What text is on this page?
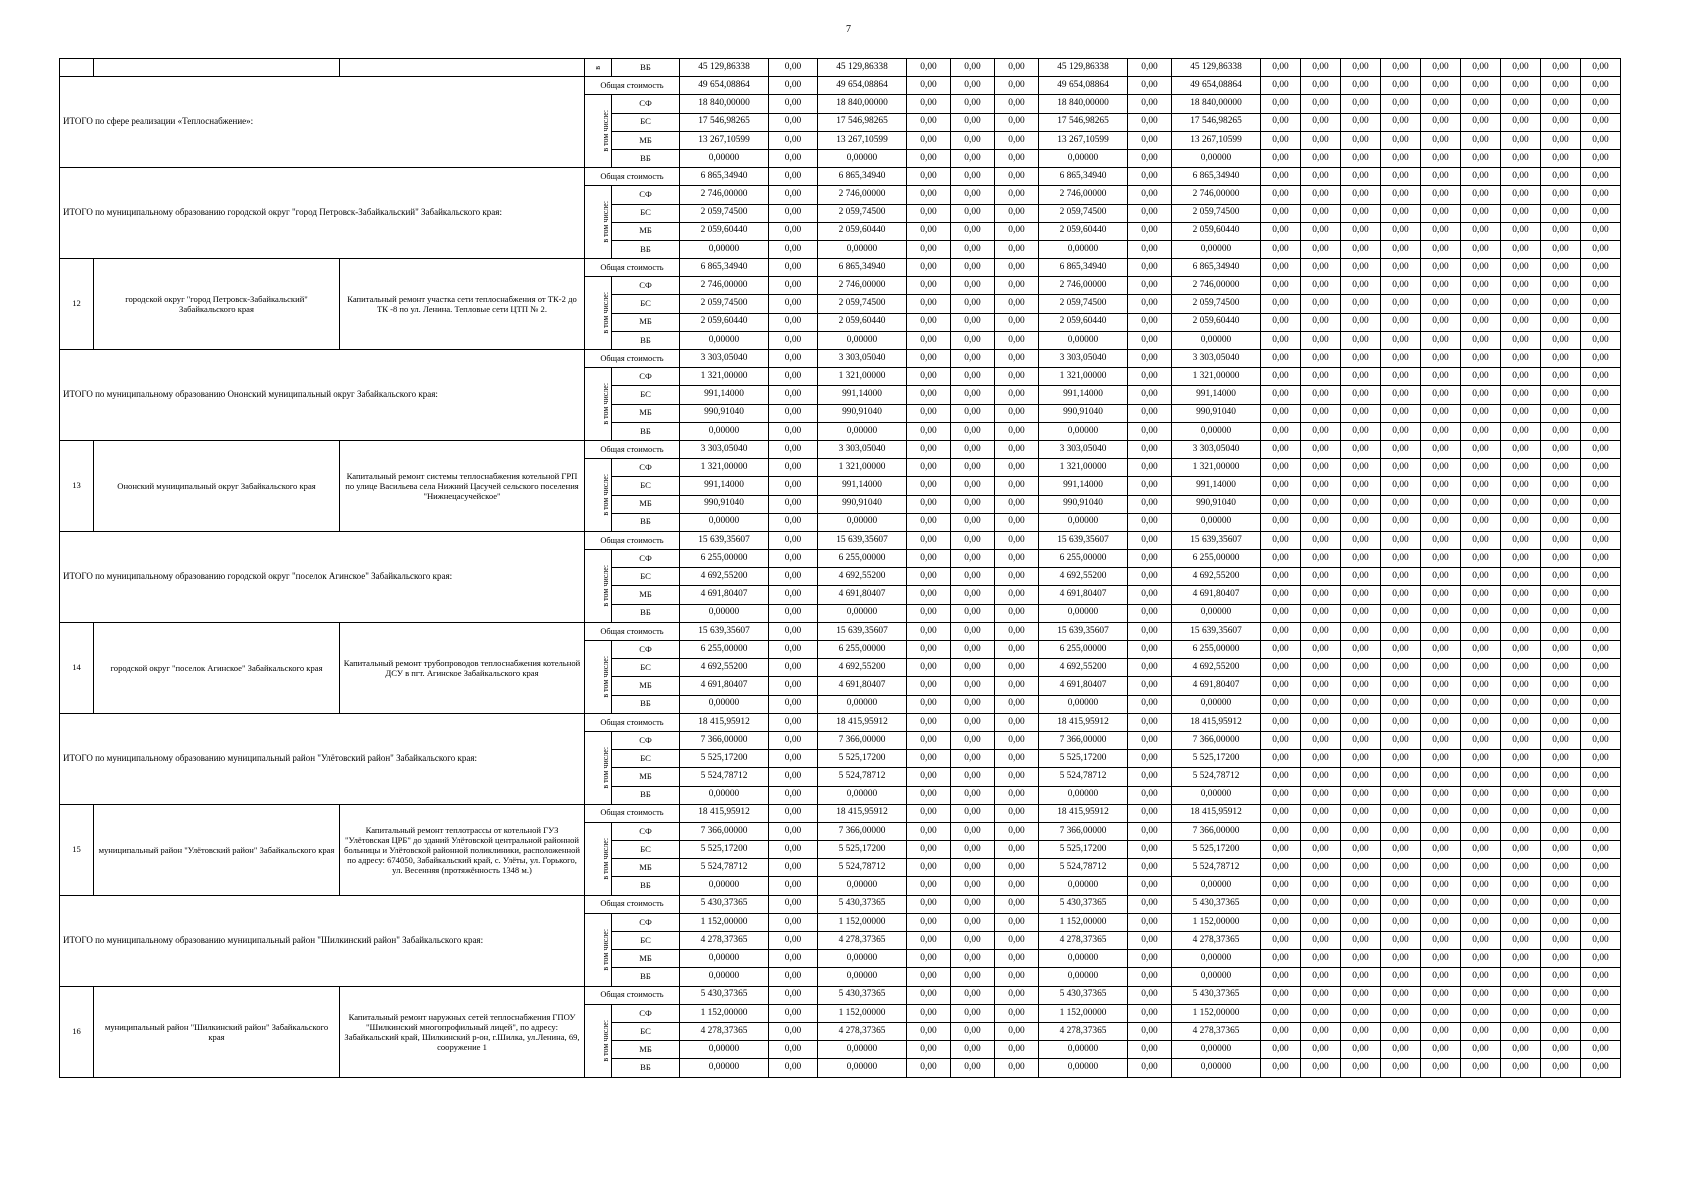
7
			в	ВБ	45 129,86338	0,00	45 129,86338	0,00	0,00	0,00	45 129,86338	0,00	45 129,86338	0,00	0,00	0,00	0,00	0,00	0,00	0,00	0,00	0,00
ИТОГО по сфере реализации «Теплоснабжение»:			Общая стоимость		49 654,08864	0,00	49 654,08864	0,00	0,00	0,00	49 654,08864	0,00	49 654,08864	0,00	0,00	0,00	0,00	0,00	0,00	0,00	0,00	0,00
			в том числе:	СФ	18 840,00000	0,00	18 840,00000	0,00	0,00	0,00	18 840,00000	0,00	18 840,00000	0,00	0,00	0,00	0,00	0,00	0,00	0,00	0,00	0,00
				БС	17 546,98265	0,00	17 546,98265	0,00	0,00	0,00	17 546,98265	0,00	17 546,98265	0,00	0,00	0,00	0,00	0,00	0,00	0,00	0,00	0,00
				МБ	13 267,10599	0,00	13 267,10599	0,00	0,00	0,00	13 267,10599	0,00	13 267,10599	0,00	0,00	0,00	0,00	0,00	0,00	0,00	0,00	0,00
				ВБ	0,00000	0,00	0,00000	0,00	0,00	0,00	0,00000	0,00	0,00000	0,00	0,00	0,00	0,00	0,00	0,00	0,00	0,00	0,00
ИТОГО по муниципальному образованию городской округ "город Петровск-Забайкальский" Забайкальского края:			Общая стоимость		6 865,34940	0,00	6 865,34940	0,00	0,00	0,00	6 865,34940	0,00	6 865,34940	0,00	0,00	0,00	0,00	0,00	0,00	0,00	0,00	0,00
			в том числе:	СФ	2 746,00000	0,00	2 746,00000	0,00	0,00	0,00	2 746,00000	0,00	2 746,00000	0,00	0,00	0,00	0,00	0,00	0,00	0,00	0,00	0,00
				БС	2 059,74500	0,00	2 059,74500	0,00	0,00	0,00	2 059,74500	0,00	2 059,74500	0,00	0,00	0,00	0,00	0,00	0,00	0,00	0,00	0,00
				МБ	2 059,60440	0,00	2 059,60440	0,00	0,00	0,00	2 059,60440	0,00	2 059,60440	0,00	0,00	0,00	0,00	0,00	0,00	0,00	0,00	0,00
				ВБ	0,00000	0,00	0,00000	0,00	0,00	0,00	0,00000	0,00	0,00000	0,00	0,00	0,00	0,00	0,00	0,00	0,00	0,00	0,00
12	городской округ "город Петровск-Забайкальский" Забайкальского края	Капитальный ремонт участка сети теплоснабжения от ТК-2 до ТК -8 по ул. Ленина. Тепловые сети ЦТП № 2.	Общая стоимость		6 865,34940	0,00	6 865,34940	0,00	0,00	0,00	6 865,34940	0,00	6 865,34940	0,00	0,00	0,00	0,00	0,00	0,00	0,00	0,00	0,00
			в том числе:	СФ	2 746,00000	0,00	2 746,00000	0,00	0,00	0,00	2 746,00000	0,00	2 746,00000	0,00	0,00	0,00	0,00	0,00	0,00	0,00	0,00	0,00
				БС	2 059,74500	0,00	2 059,74500	0,00	0,00	0,00	2 059,74500	0,00	2 059,74500	0,00	0,00	0,00	0,00	0,00	0,00	0,00	0,00	0,00
				МБ	2 059,60440	0,00	2 059,60440	0,00	0,00	0,00	2 059,60440	0,00	2 059,60440	0,00	0,00	0,00	0,00	0,00	0,00	0,00	0,00	0,00
				ВБ	0,00000	0,00	0,00000	0,00	0,00	0,00	0,00000	0,00	0,00000	0,00	0,00	0,00	0,00	0,00	0,00	0,00	0,00	0,00
ИТОГО по муниципальному образованию Ононский муниципальный округ Забайкальского края:			Общая стоимость		3 303,05040	0,00	3 303,05040	0,00	0,00	0,00	3 303,05040	0,00	3 303,05040	0,00	0,00	0,00	0,00	0,00	0,00	0,00	0,00	0,00
			в том числе:	СФ	1 321,00000	0,00	1 321,00000	0,00	0,00	0,00	1 321,00000	0,00	1 321,00000	0,00	0,00	0,00	0,00	0,00	0,00	0,00	0,00	0,00
				БС	991,14000	0,00	991,14000	0,00	0,00	0,00	991,14000	0,00	991,14000	0,00	0,00	0,00	0,00	0,00	0,00	0,00	0,00	0,00
				МБ	990,91040	0,00	990,91040	0,00	0,00	0,00	990,91040	0,00	990,91040	0,00	0,00	0,00	0,00	0,00	0,00	0,00	0,00	0,00
				ВБ	0,00000	0,00	0,00000	0,00	0,00	0,00	0,00000	0,00	0,00000	0,00	0,00	0,00	0,00	0,00	0,00	0,00	0,00	0,00
13	Ононский муниципальный округ Забайкальского края	Капитальный ремонт системы теплоснабжения котельной ГРП по улице Васильева села Нижний Цасучей сельского поселения "Нижнецасучейское"	Общая стоимость		3 303,05040	0,00	3 303,05040	0,00	0,00	0,00	3 303,05040	0,00	3 303,05040	0,00	0,00	0,00	0,00	0,00	0,00	0,00	0,00	0,00
			в том числе:	СФ	1 321,00000	0,00	1 321,00000	0,00	0,00	0,00	1 321,00000	0,00	1 321,00000	0,00	0,00	0,00	0,00	0,00	0,00	0,00	0,00	0,00
				БС	991,14000	0,00	991,14000	0,00	0,00	0,00	991,14000	0,00	991,14000	0,00	0,00	0,00	0,00	0,00	0,00	0,00	0,00	0,00
				МБ	990,91040	0,00	990,91040	0,00	0,00	0,00	990,91040	0,00	990,91040	0,00	0,00	0,00	0,00	0,00	0,00	0,00	0,00	0,00
				ВБ	0,00000	0,00	0,00000	0,00	0,00	0,00	0,00000	0,00	0,00000	0,00	0,00	0,00	0,00	0,00	0,00	0,00	0,00	0,00
ИТОГО по муниципальному образованию городской округ "поселок Агинское" Забайкальского края:			Общая стоимость		15 639,35607	0,00	15 639,35607	0,00	0,00	0,00	15 639,35607	0,00	15 639,35607	0,00	0,00	0,00	0,00	0,00	0,00	0,00	0,00	0,00
			в том числе:	СФ	6 255,00000	0,00	6 255,00000	0,00	0,00	0,00	6 255,00000	0,00	6 255,00000	0,00	0,00	0,00	0,00	0,00	0,00	0,00	0,00	0,00
				БС	4 692,55200	0,00	4 692,55200	0,00	0,00	0,00	4 692,55200	0,00	4 692,55200	0,00	0,00	0,00	0,00	0,00	0,00	0,00	0,00	0,00
				МБ	4 691,80407	0,00	4 691,80407	0,00	0,00	0,00	4 691,80407	0,00	4 691,80407	0,00	0,00	0,00	0,00	0,00	0,00	0,00	0,00	0,00
				ВБ	0,00000	0,00	0,00000	0,00	0,00	0,00	0,00000	0,00	0,00000	0,00	0,00	0,00	0,00	0,00	0,00	0,00	0,00	0,00
14	городской округ "поселок Агинское" Забайкальского края	Капитальный ремонт трубопроводов теплоснабжения котельной ДСУ в пгт. Агинское Забайкальского края	Общая стоимость		15 639,35607	0,00	15 639,35607	0,00	0,00	0,00	15 639,35607	0,00	15 639,35607	0,00	0,00	0,00	0,00	0,00	0,00	0,00	0,00	0,00
			в том числе:	СФ	6 255,00000	0,00	6 255,00000	0,00	0,00	0,00	6 255,00000	0,00	6 255,00000	0,00	0,00	0,00	0,00	0,00	0,00	0,00	0,00	0,00
				БС	4 692,55200	0,00	4 692,55200	0,00	0,00	0,00	4 692,55200	0,00	4 692,55200	0,00	0,00	0,00	0,00	0,00	0,00	0,00	0,00	0,00
				МБ	4 691,80407	0,00	4 691,80407	0,00	0,00	0,00	4 691,80407	0,00	4 691,80407	0,00	0,00	0,00	0,00	0,00	0,00	0,00	0,00	0,00
				ВБ	0,00000	0,00	0,00000	0,00	0,00	0,00	0,00000	0,00	0,00000	0,00	0,00	0,00	0,00	0,00	0,00	0,00	0,00	0,00
ИТОГО по муниципальному образованию муниципальный район "Улётовский район" Забайкальского края:			Общая стоимость		18 415,95912	0,00	18 415,95912	0,00	0,00	0,00	18 415,95912	0,00	18 415,95912	0,00	0,00	0,00	0,00	0,00	0,00	0,00	0,00	0,00
			в том числе:	СФ	7 366,00000	0,00	7 366,00000	0,00	0,00	0,00	7 366,00000	0,00	7 366,00000	0,00	0,00	0,00	0,00	0,00	0,00	0,00	0,00	0,00
				БС	5 525,17200	0,00	5 525,17200	0,00	0,00	0,00	5 525,17200	0,00	5 525,17200	0,00	0,00	0,00	0,00	0,00	0,00	0,00	0,00	0,00
				МБ	5 524,78712	0,00	5 524,78712	0,00	0,00	0,00	5 524,78712	0,00	5 524,78712	0,00	0,00	0,00	0,00	0,00	0,00	0,00	0,00	0,00
				ВБ	0,00000	0,00	0,00000	0,00	0,00	0,00	0,00000	0,00	0,00000	0,00	0,00	0,00	0,00	0,00	0,00	0,00	0,00	0,00
15	муниципальный район "Улётовский район" Забайкальского края	Капитальный ремонт теплотрассы от котельной ГУЗ "Улётовская ЦРБ" до зданий Улётовской центральной районной больницы и Улётовской районной поликлиники, расположенной по адресу: 674050, Забайкальский край, с. Улёты, ул. Горького, ул. Весенняя (протяжённость 1348 м.)	Общая стоимость		18 415,95912	0,00	18 415,95912	0,00	0,00	0,00	18 415,95912	0,00	18 415,95912	0,00	0,00	0,00	0,00	0,00	0,00	0,00	0,00	0,00
			в том числе:	СФ	7 366,00000	0,00	7 366,00000	0,00	0,00	0,00	7 366,00000	0,00	7 366,00000	0,00	0,00	0,00	0,00	0,00	0,00	0,00	0,00	0,00
				БС	5 525,17200	0,00	5 525,17200	0,00	0,00	0,00	5 525,17200	0,00	5 525,17200	0,00	0,00	0,00	0,00	0,00	0,00	0,00	0,00	0,00
				МБ	5 524,78712	0,00	5 524,78712	0,00	0,00	0,00	5 524,78712	0,00	5 524,78712	0,00	0,00	0,00	0,00	0,00	0,00	0,00	0,00	0,00
				ВБ	0,00000	0,00	0,00000	0,00	0,00	0,00	0,00000	0,00	0,00000	0,00	0,00	0,00	0,00	0,00	0,00	0,00	0,00	0,00
ИТОГО по муниципальному образованию муниципальный район "Шилкинский район" Забайкальского края:			Общая стоимость		5 430,37365	0,00	5 430,37365	0,00	0,00	0,00	5 430,37365	0,00	5 430,37365	0,00	0,00	0,00	0,00	0,00	0,00	0,00	0,00	0,00
			в том числе:	СФ	1 152,00000	0,00	1 152,00000	0,00	0,00	0,00	1 152,00000	0,00	1 152,00000	0,00	0,00	0,00	0,00	0,00	0,00	0,00	0,00	0,00
				БС	4 278,37365	0,00	4 278,37365	0,00	0,00	0,00	4 278,37365	0,00	4 278,37365	0,00	0,00	0,00	0,00	0,00	0,00	0,00	0,00	0,00
				МБ	0,00000	0,00	0,00000	0,00	0,00	0,00	0,00000	0,00	0,00000	0,00	0,00	0,00	0,00	0,00	0,00	0,00	0,00	0,00
				ВБ	0,00000	0,00	0,00000	0,00	0,00	0,00	0,00000	0,00	0,00000	0,00	0,00	0,00	0,00	0,00	0,00	0,00	0,00	0,00
16	муниципальный район "Шилкинский район" Забайкальского края	Капитальный ремонт наружных сетей теплоснабжения ГПОУ "Шилкинский многопрофильный лицей", по адресу: Забайкальский край, Шилкинский р-он, г.Шилка, ул.Ленина, 69, сооружение 1	Общая стоимость		5 430,37365	0,00	5 430,37365	0,00	0,00	0,00	5 430,37365	0,00	5 430,37365	0,00	0,00	0,00	0,00	0,00	0,00	0,00	0,00	0,00
			в том числе:	СФ	1 152,00000	0,00	1 152,00000	0,00	0,00	0,00	1 152,00000	0,00	1 152,00000	0,00	0,00	0,00	0,00	0,00	0,00	0,00	0,00	0,00
				БС	4 278,37365	0,00	4 278,37365	0,00	0,00	0,00	4 278,37365	0,00	4 278,37365	0,00	0,00	0,00	0,00	0,00	0,00	0,00	0,00	0,00
				МБ	0,00000	0,00	0,00000	0,00	0,00	0,00	0,00000	0,00	0,00000	0,00	0,00	0,00	0,00	0,00	0,00	0,00	0,00	0,00
				ВБ	0,00000	0,00	0,00000	0,00	0,00	0,00	0,00000	0,00	0,00000	0,00	0,00	0,00	0,00	0,00	0,00	0,00	0,00	0,00
